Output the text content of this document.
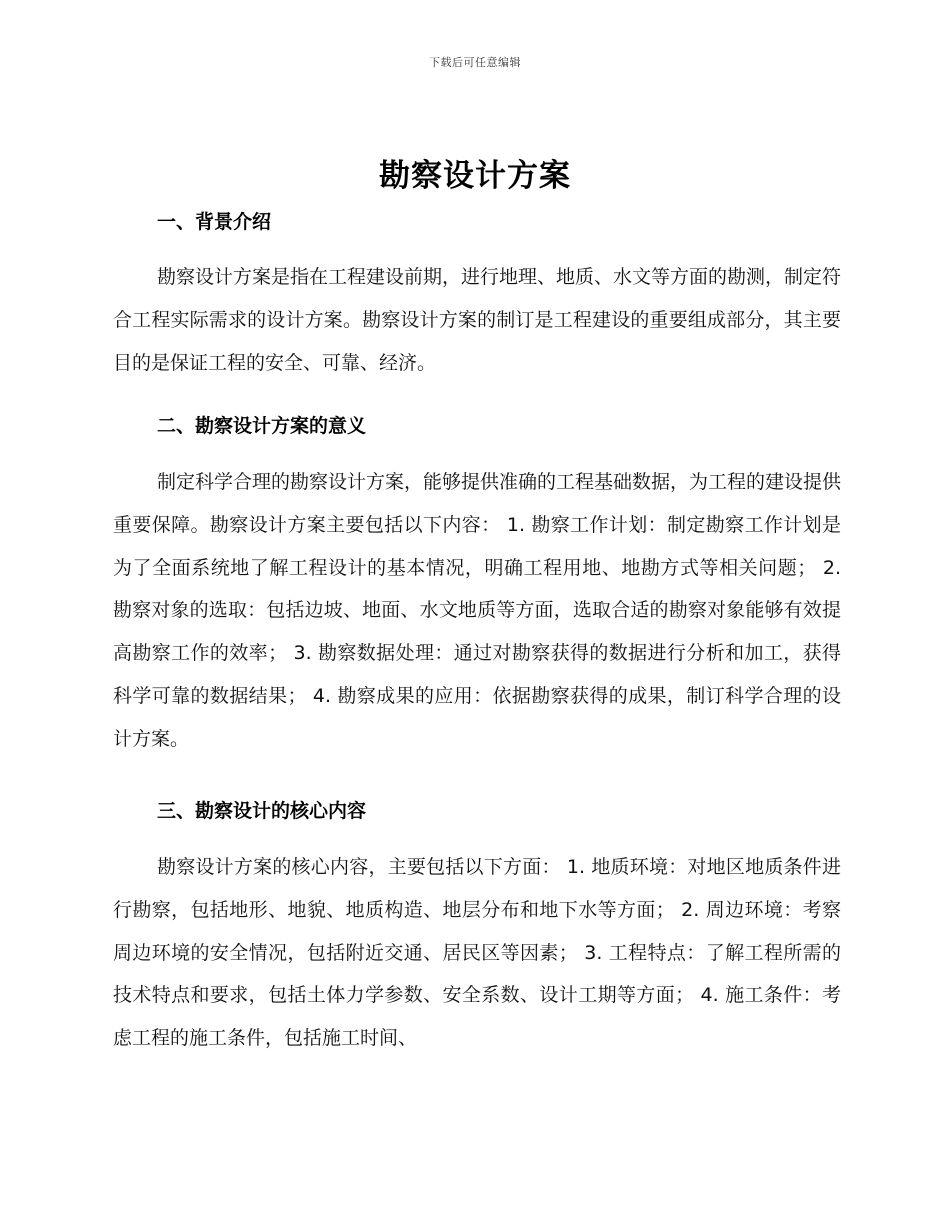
下载后可任意编辑
勘察设计方案
一、背景介绍

勘察设计方案是指在工程建设前期，进行地理、地质、水文等方面的勘测，制定符合工程实际需求的设计方案。勘察设计方案的制订是工程建设的重要组成部分，其主要目的是保证工程的安全、可靠、经济。

二、勘察设计方案的意义

制定科学合理的勘察设计方案，能够提供准确的工程基础数据，为工程的建设提供重要保障。勘察设计方案主要包括以下内容： 1. 勘察工作计划：制定勘察工作计划是为了全面系统地了解工程设计的基本情况，明确工程用地、地勘方式等相关问题； 2. 勘察对象的选取：包括边坡、地面、水文地质等方面，选取合适的勘察对象能够有效提高勘察工作的效率； 3. 勘察数据处理：通过对勘察获得的数据进行分析和加工，获得科学可靠的数据结果； 4. 勘察成果的应用：依据勘察获得的成果，制订科学合理的设计方案。

三、勘察设计的核心内容

勘察设计方案的核心内容，主要包括以下方面： 1. 地质环境：对地区地质条件进行勘察，包括地形、地貌、地质构造、地层分布和地下水等方面； 2. 周边环境：考察周边环境的安全情况，包括附近交通、居民区等因素； 3. 工程特点：了解工程所需的技术特点和要求，包括土体力学参数、安全系数、设计工期等方面； 4. 施工条件：考虑工程的施工条件，包括施工时间、
